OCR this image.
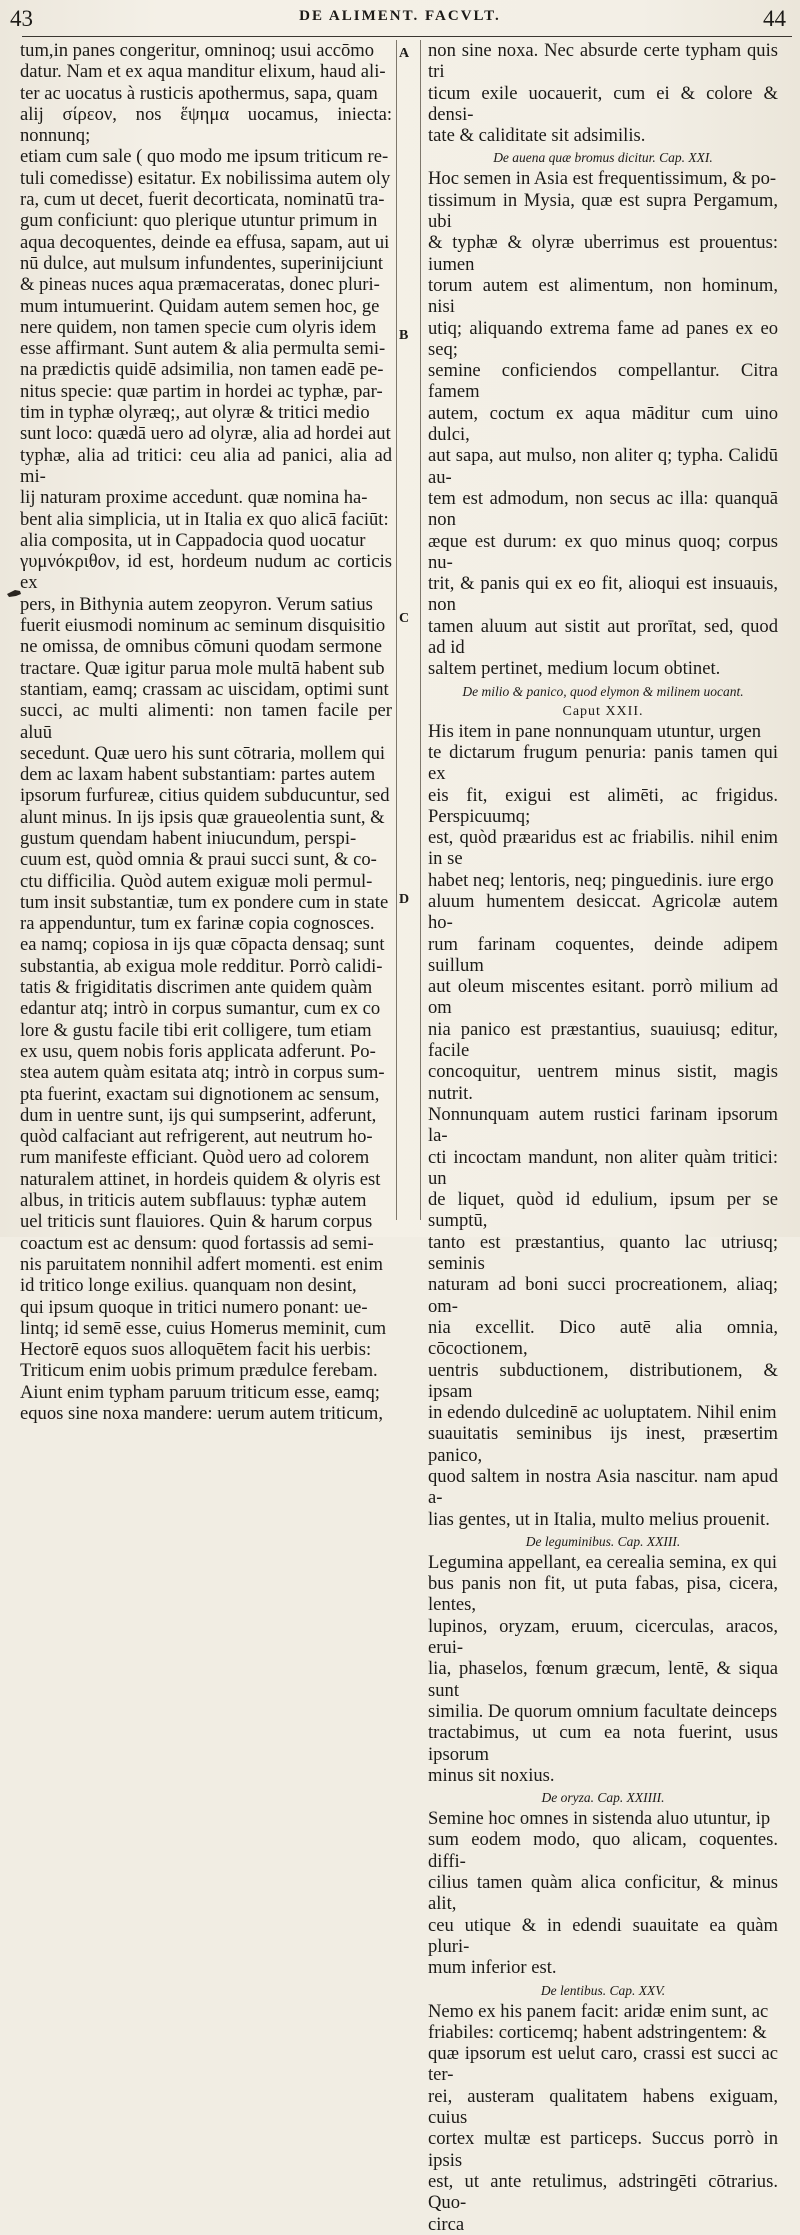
43	DE ALIMENT. FACVLT.	44
A
B
C
D

tum,in panes congeritur, omninoq; usui accōmo
datur. Nam et ex aqua manditur elixum, haud ali-
ter ac uocatus à rusticis apothermus, sapa, quam
alij σίρεον, nos ἕψημα uocamus, iniecta: nonnunq;
etiam cum sale ( quo modo me ipsum triticum re-
tuli comedisse) esitatur. Ex nobilissima autem oly
ra, cum ut decet, fuerit decorticata, nominatū tra-
gum conficiunt: quo plerique utuntur primum in
aqua decoquentes, deinde ea effusa, sapam, aut ui
nū dulce, aut mulsum infundentes, superinijciunt
& pineas nuces aqua præmaceratas, donec pluri-
mum intumuerint. Quidam autem semen hoc, ge
nere quidem, non tamen specie cum olyris idem
esse affirmant. Sunt autem & alia permulta semi-
na prædictis quidē adsimilia, non tamen eadē pe-
nitus specie: quæ partim in hordei ac typhæ, par-
tim in typhæ olyræq;, aut olyræ & tritici medio
sunt loco: quædā uero ad olyræ, alia ad hordei aut
typhæ, alia ad tritici: ceu alia ad panici, alia ad mi-
lij naturam proxime accedunt. quæ nomina ha-
bent alia simplicia, ut in Italia ex quo alicā faciūt:
alia composita, ut in Cappadocia quod uocatur
γυμνόκριθον, id est, hordeum nudum ac corticis ex
pers, in Bithynia autem zeopyron. Verum satius
fuerit eiusmodi nominum ac seminum disquisitio
ne omissa, de omnibus cōmuni quodam sermone
tractare. Quæ igitur parua mole multā habent sub
stantiam, eamq; crassam ac uiscidam, optimi sunt
succi, ac multi alimenti: non tamen facile per aluū
secedunt. Quæ uero his sunt cōtraria, mollem qui
dem ac laxam habent substantiam: partes autem
ipsorum furfureæ, citius quidem subducuntur, sed
alunt minus. In ijs ipsis quæ graueolentia sunt, &
gustum quendam habent iniucundum, perspi-
cuum est, quòd omnia & praui succi sunt, & co-
ctu difficilia. Quòd autem exiguæ moli permul-
tum insit substantiæ, tum ex pondere cum in state
ra appenduntur, tum ex farinæ copia cognosces.
ea namq; copiosa in ijs quæ cōpacta densaq; sunt
substantia, ab exigua mole redditur. Porrò calidi-
tatis & frigiditatis discrimen ante quidem quàm
edantur atq; intrò in corpus sumantur, cum ex co
lore & gustu facile tibi erit colligere, tum etiam
ex usu, quem nobis foris applicata adferunt. Po-
stea autem quàm esitata atq; intrò in corpus sum-
pta fuerint, exactam sui dignotionem ac sensum,
dum in uentre sunt, ijs qui sumpserint, adferunt,
quòd calfaciant aut refrigerent, aut neutrum ho-
rum manifeste efficiant. Quòd uero ad colorem
naturalem attinet, in hordeis quidem & olyris est
albus, in triticis autem subflauus: typhæ autem
uel triticis sunt flauiores. Quin & harum corpus
coactum est ac densum: quod fortassis ad semi-
nis paruitatem nonnihil adfert momenti. est enim
id tritico longe exilius. quanquam non desint,
qui ipsum quoque in tritici numero ponant: ue-
lintq; id semē esse, cuius Homerus meminit, cum
Hectorē equos suos alloquētem facit his uerbis:
Triticum enim uobis primum prædulce ferebam.
Aiunt enim typham paruum triticum esse, eamq;
equos sine noxa mandere: uerum autem triticum,

non sine noxa. Nec absurde certe typham quis tri
ticum exile uocauerit, cum ei & colore & densi-
tate & caliditate sit adsimilis.

De auena quæ bromus dicitur. Cap. XXI.

Hoc semen in Asia est frequentissimum, & po-
tissimum in Mysia, quæ est supra Pergamum, ubi
& typhæ & olyræ uberrimus est prouentus: iumen
torum autem est alimentum, non hominum, nisi
utiq; aliquando extrema fame ad panes ex eo seq;
semine conficiendos compellantur. Citra famem
autem, coctum ex aqua māditur cum uino dulci,
aut sapa, aut mulso, non aliter q; typha. Calidū au-
tem est admodum, non secus ac illa: quanquā non
æque est durum: ex quo minus quoq; corpus nu-
trit, & panis qui ex eo fit, alioqui est insuauis, non
tamen aluum aut sistit aut prorītat, sed, quod ad id
saltem pertinet, medium locum obtinet.

De milio & panico, quod elymon & milinem uocant.

Caput XXII.

His item in pane nonnunquam utuntur, urgen
te dictarum frugum penuria: panis tamen qui ex
eis fit, exigui est alimēti, ac frigidus. Perspicuumq;
est, quòd præaridus est ac friabilis. nihil enim in se
habet neq; lentoris, neq; pinguedinis. iure ergo
aluum humentem desiccat. Agricolæ autem ho-
rum farinam coquentes, deinde adipem suillum
aut oleum miscentes esitant. porrò milium ad om
nia panico est præstantius, suauiusq; editur, facile
concoquitur, uentrem minus sistit, magis nutrit.
Nonnunquam autem rustici farinam ipsorum la-
cti incoctam mandunt, non aliter quàm tritici: un
de liquet, quòd id edulium, ipsum per se sumptū,
tanto est præstantius, quanto lac utriusq; seminis
naturam ad boni succi procreationem, aliaq; om-
nia excellit. Dico autē alia omnia, cōcoctionem,
uentris subductionem, distributionem, & ipsam
in edendo dulcedinē ac uoluptatem. Nihil enim
suauitatis seminibus ijs inest, præsertim panico,
quod saltem in nostra Asia nascitur. nam apud a-
lias gentes, ut in Italia, multo melius prouenit.

De leguminibus. Cap. XXIII.

Legumina appellant, ea cerealia semina, ex qui
bus panis non fit, ut puta fabas, pisa, cicera, lentes,
lupinos, oryzam, eruum, cicerculas, aracos, erui-
lia, phaselos, fœnum græcum, lentē, & siqua sunt
similia. De quorum omnium facultate deinceps
tractabimus, ut cum ea nota fuerint, usus ipsorum
minus sit noxius.

De oryza. Cap. XXIIII.

Semine hoc omnes in sistenda aluo utuntur, ip
sum eodem modo, quo alicam, coquentes. diffi-
cilius tamen quàm alica conficitur, & minus alit,
ceu utique & in edendi suauitate ea quàm pluri-
mum inferior est.

De lentibus. Cap. XXV.

Nemo ex his panem facit: aridæ enim sunt, ac
friabiles: corticemq; habent adstringentem: &
quæ ipsorum est uelut caro, crassi est succi ac ter-
rei, austeram qualitatem habens exiguam, cuius
cortex multæ est particeps. Succus porrò in ipsis
est, ut ante retulimus, adstringēti cōtrarius. Quo-
circa
